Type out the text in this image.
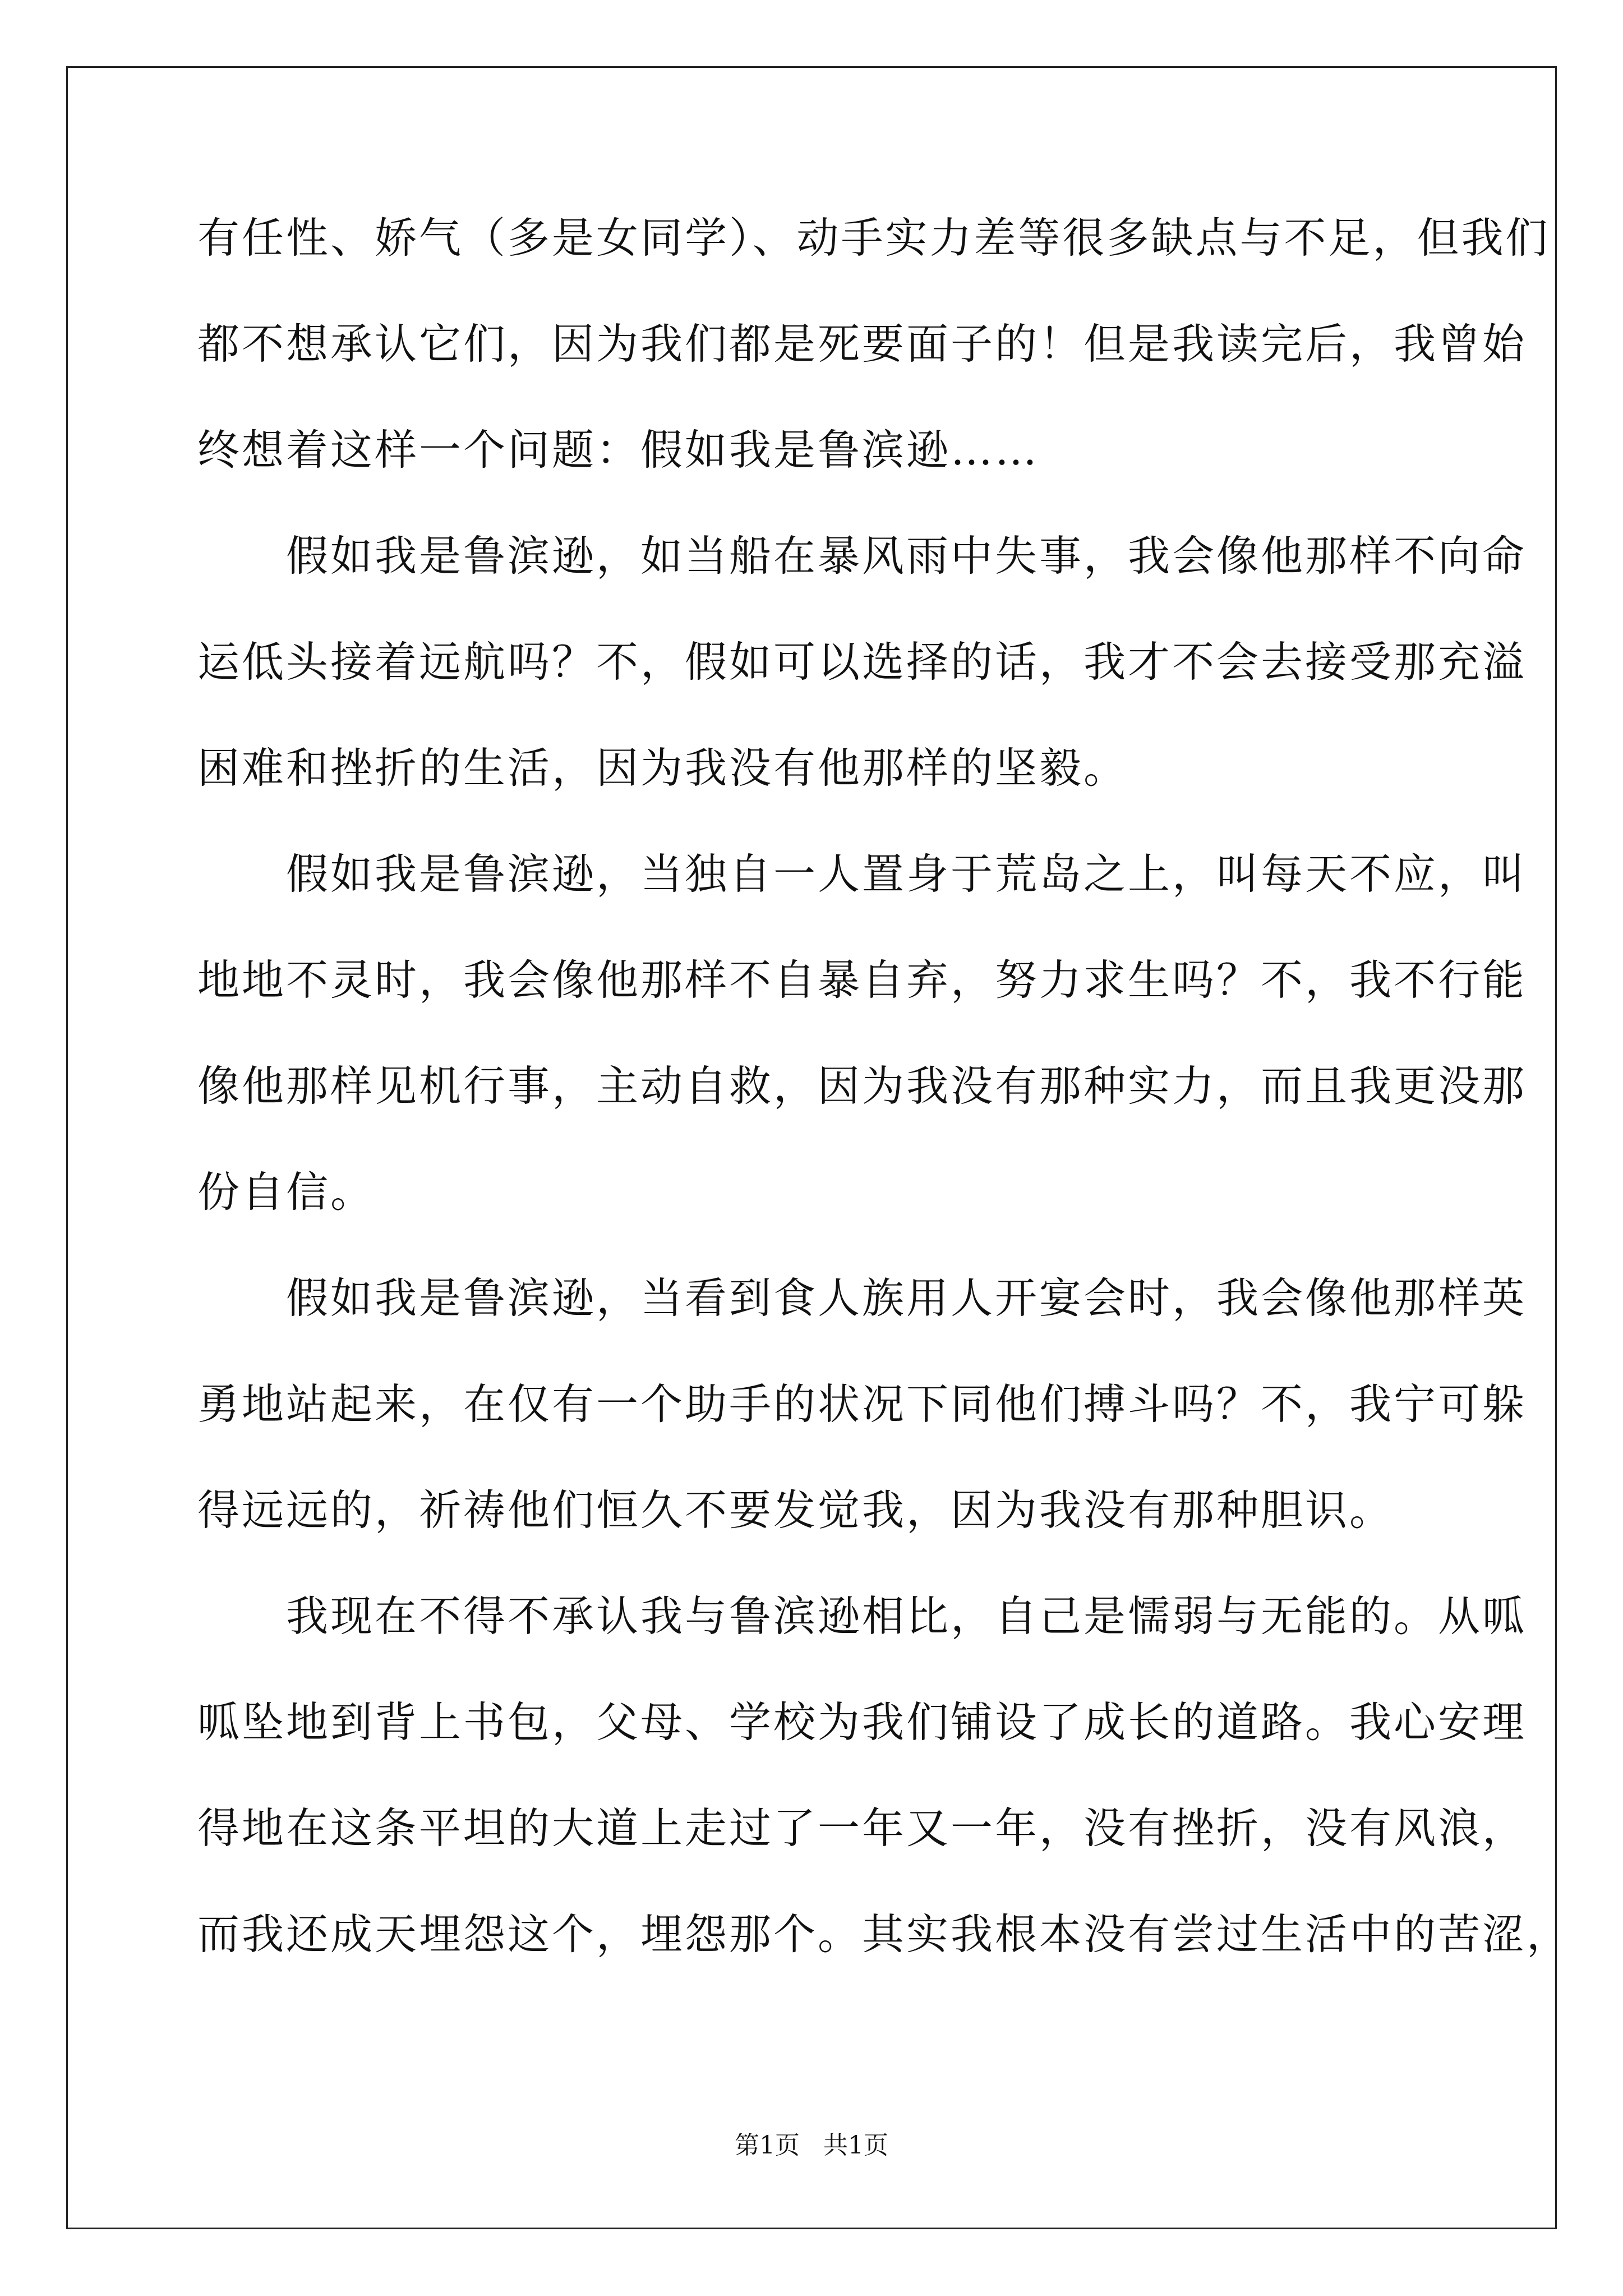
有任性、娇气（多是女同学）、动手实力差等很多缺点与不足，但我们
都不想承认它们，因为我们都是死要面子的！但是我读完后，我曾始
终想着这样一个问题：假如我是鲁滨逊……
　　假如我是鲁滨逊，如当船在暴风雨中失事，我会像他那样不向命
运低头接着远航吗？不，假如可以选择的话，我才不会去接受那充溢
困难和挫折的生活，因为我没有他那样的坚毅。
　　假如我是鲁滨逊，当独自一人置身于荒岛之上，叫每天不应，叫
地地不灵时，我会像他那样不自暴自弃，努力求生吗？不，我不行能
像他那样见机行事，主动自救，因为我没有那种实力，而且我更没那
份自信。
　　假如我是鲁滨逊，当看到食人族用人开宴会时，我会像他那样英
勇地站起来，在仅有一个助手的状况下同他们搏斗吗？不，我宁可躲
得远远的，祈祷他们恒久不要发觉我，因为我没有那种胆识。
　　我现在不得不承认我与鲁滨逊相比，自己是懦弱与无能的。从呱
呱坠地到背上书包，父母、学校为我们铺设了成长的道路。我心安理
得地在这条平坦的大道上走过了一年又一年，没有挫折，没有风浪，
而我还成天埋怨这个，埋怨那个。其实我根本没有尝过生活中的苦涩，
第1页   共1页
